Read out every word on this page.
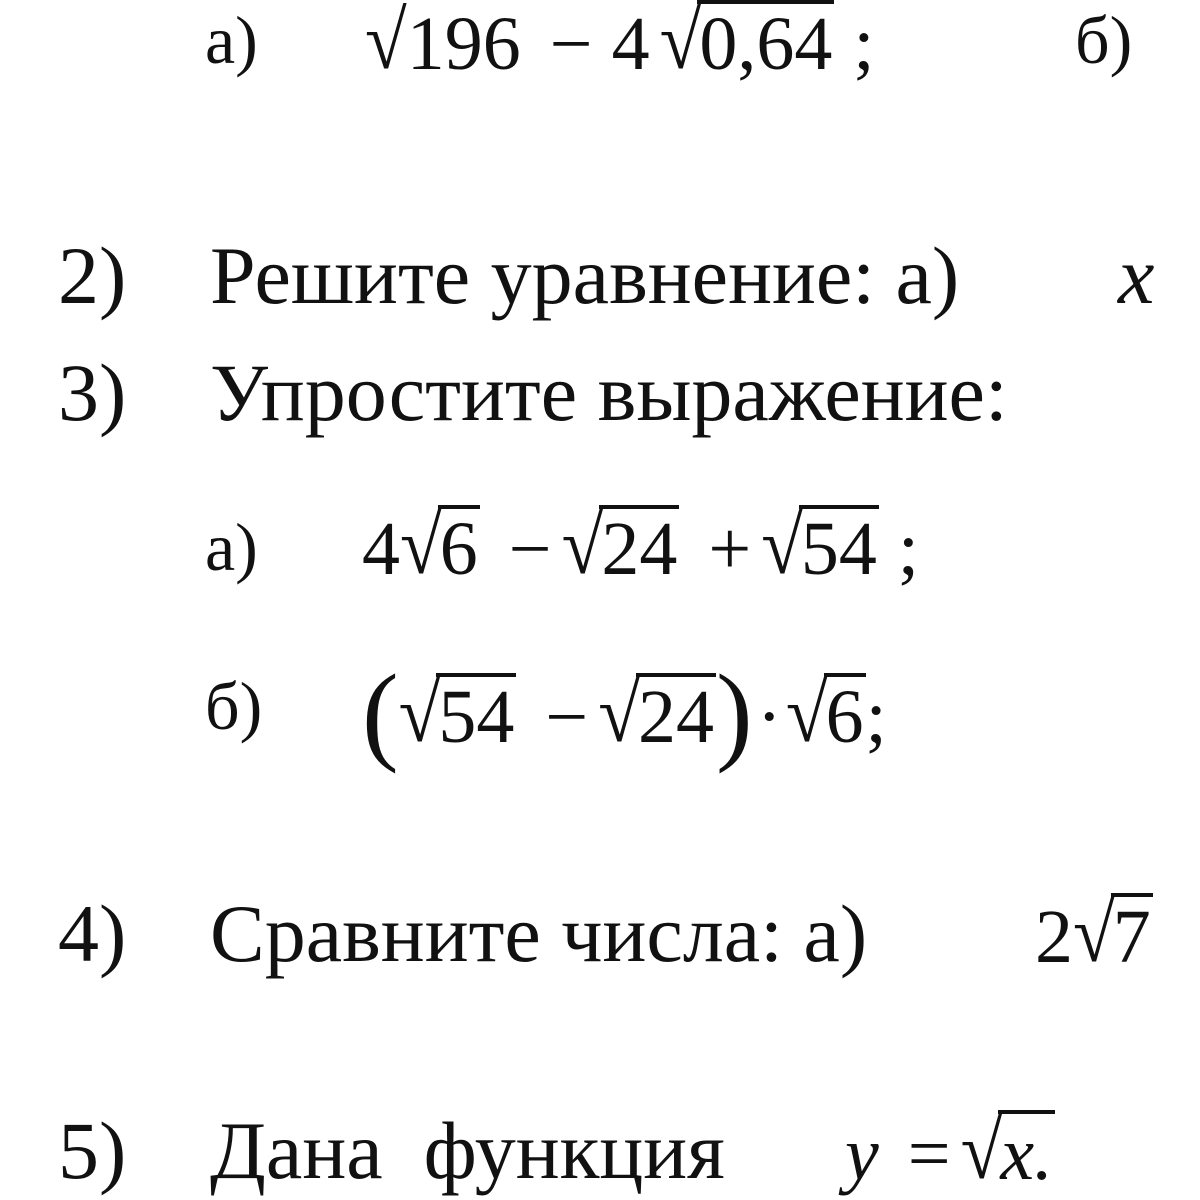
а) √196 − 4 √0,64 ;	б)
2) Решите уравнение: а) x
3) Упростите выражение:
а) 4√6 − √24 + √54 ;
б) (√54 − √24)·√6;
4) Сравните числа: а) 2√7
5) Дана  функция y = √x.
